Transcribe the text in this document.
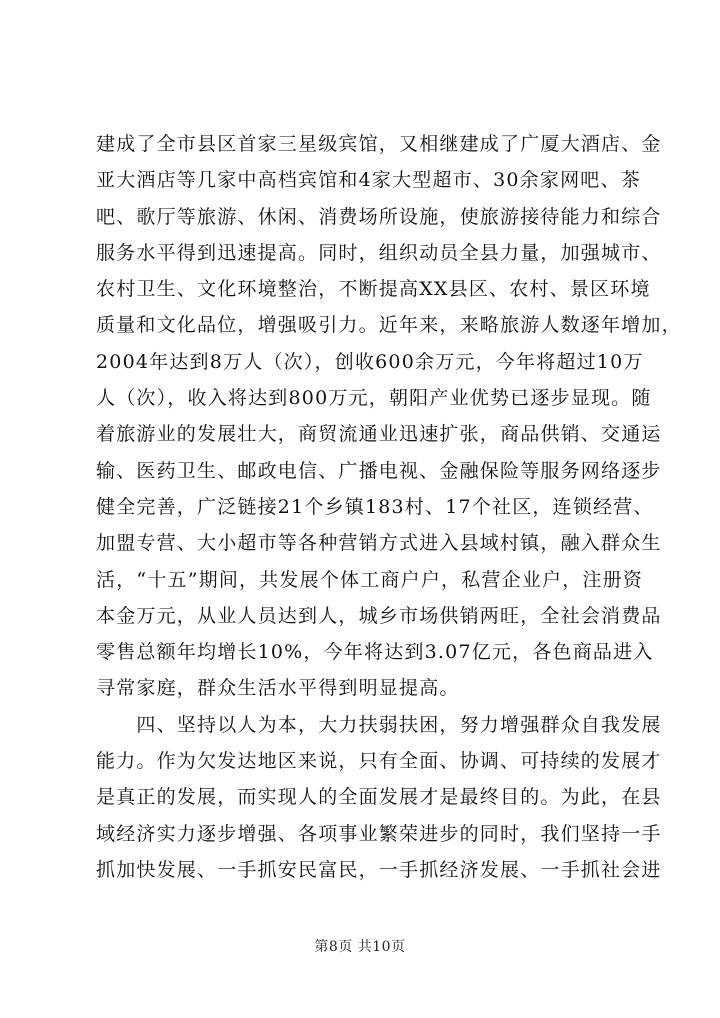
建成了全市县区首家三星级宾馆，又相继建成了广厦大酒店、金
亚大酒店等几家中高档宾馆和4家大型超市、30余家网吧、茶
吧、歌厅等旅游、休闲、消费场所设施，使旅游接待能力和综合
服务水平得到迅速提高。同时，组织动员全县力量，加强城市、
农村卫生、文化环境整治，不断提高XX县区、农村、景区环境
质量和文化品位，增强吸引力。近年来，来略旅游人数逐年增加，
2004年达到8万人（次），创收600余万元，今年将超过10万
人（次），收入将达到800万元，朝阳产业优势已逐步显现。随
着旅游业的发展壮大，商贸流通业迅速扩张，商品供销、交通运
输、医药卫生、邮政电信、广播电视、金融保险等服务网络逐步
健全完善，广泛链接21个乡镇183村、17个社区，连锁经营、
加盟专营、大小超市等各种营销方式进入县域村镇，融入群众生
活，“十五”期间，共发展个体工商户户，私营企业户，注册资
本金万元，从业人员达到人，城乡市场供销两旺，全社会消费品
零售总额年均增长10%，今年将达到3.07亿元，各色商品进入
寻常家庭，群众生活水平得到明显提高。
　　四、坚持以人为本，大力扶弱扶困，努力增强群众自我发展
能力。作为欠发达地区来说，只有全面、协调、可持续的发展才
是真正的发展，而实现人的全面发展才是最终目的。为此，在县
域经济实力逐步增强、各项事业繁荣进步的同时，我们坚持一手
抓加快发展、一手抓安民富民，一手抓经济发展、一手抓社会进
第8页 共10页
